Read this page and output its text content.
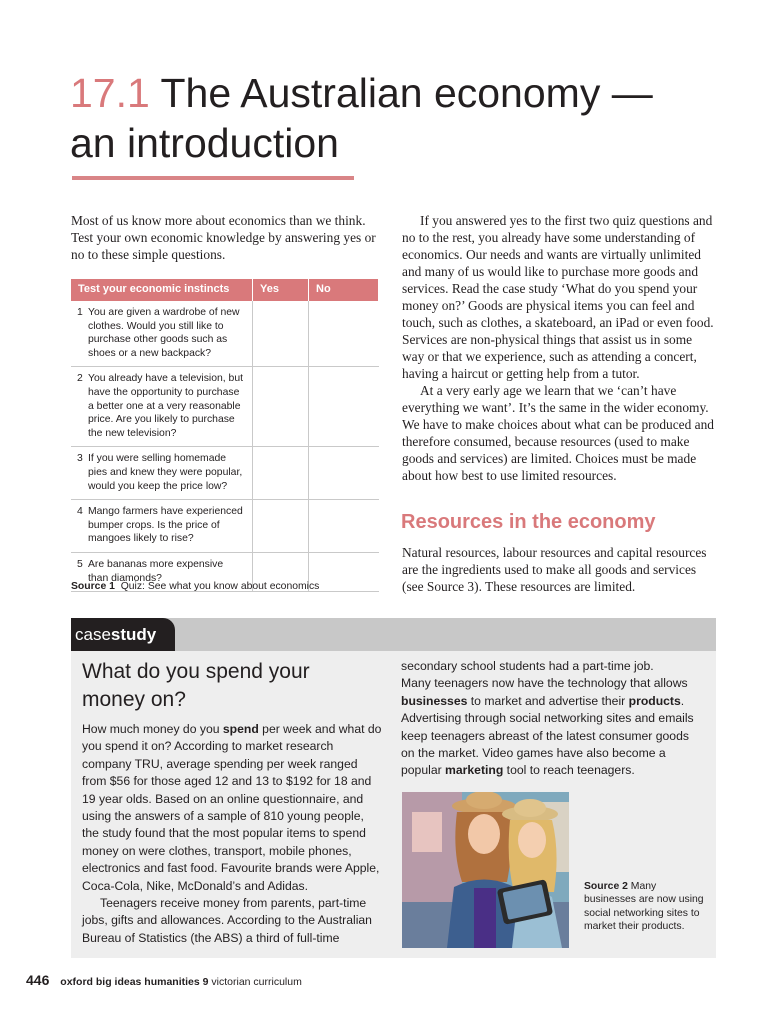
17.1 The Australian economy —
an introduction

Most of us know more about economics than we think. Test your own economic knowledge by answering yes or no to these simple questions.

Test your economic instincts	Yes	No

1 You are given a wardrobe of new clothes. Would you still like to purchase other goods such as shoes or a new backpack?		

2 You already have a television, but have the opportunity to purchase a better one at a very reasonable price. Are you likely to purchase the new television?		

3 If you were selling homemade pies and knew they were popular, would you keep the price low?		

4 Mango farmers have experienced bumper crops. Is the price of mangoes likely to rise?		

5 Are bananas more expensive than diamonds?		

Source 1 Quiz: See what you know about economics

If you answered yes to the first two quiz questions and no to the rest, you already have some understanding of economics. Our needs and wants are virtually unlimited and many of us would like to purchase more goods and services. Read the case study ‘What do you spend your money on?’ Goods are physical items you can feel and touch, such as clothes, a skateboard, an iPad or even food. Services are non-physical things that assist us in some way or that we experience, such as attending a concert, having a haircut or getting help from a tutor.

At a very early age we learn that we ‘can’t have everything we want’. It’s the same in the wider economy. We have to make choices about what can be produced and therefore consumed, because resources (used to make goods and services) are limited. Choices must be made about how best to use limited resources.

Resources in the economy

Natural resources, labour resources and capital resources are the ingredients used to make all goods and services (see Source 3). These resources are limited.

casestudy
What do you spend your
money on?

How much money do you spend per week and what do you spend it on? According to market research company TRU, average spending per week ranged from $56 for those aged 12 and 13 to $192 for 18 and 19 year olds. Based on an online questionnaire, and using the answers of a sample of 810 young people, the study found that the most popular items to spend money on were clothes, transport, mobile phones, electronics and fast food. Favourite brands were Apple, Coca-Cola, Nike, McDonald’s and Adidas.

Teenagers receive money from parents, part-time jobs, gifts and allowances. According to the Australian Bureau of Statistics (the ABS) a third of full-time

secondary school students had a part-time job.

Many teenagers now have the technology that allows businesses to market and advertise their products. Advertising through social networking sites and emails keep teenagers abreast of the latest consumer goods on the market. Video games have also become a popular marketing tool to reach teenagers.

Source 2 Many businesses are now using social networking sites to market their products.
446 oxford big ideas humanities 9 victorian curriculum
